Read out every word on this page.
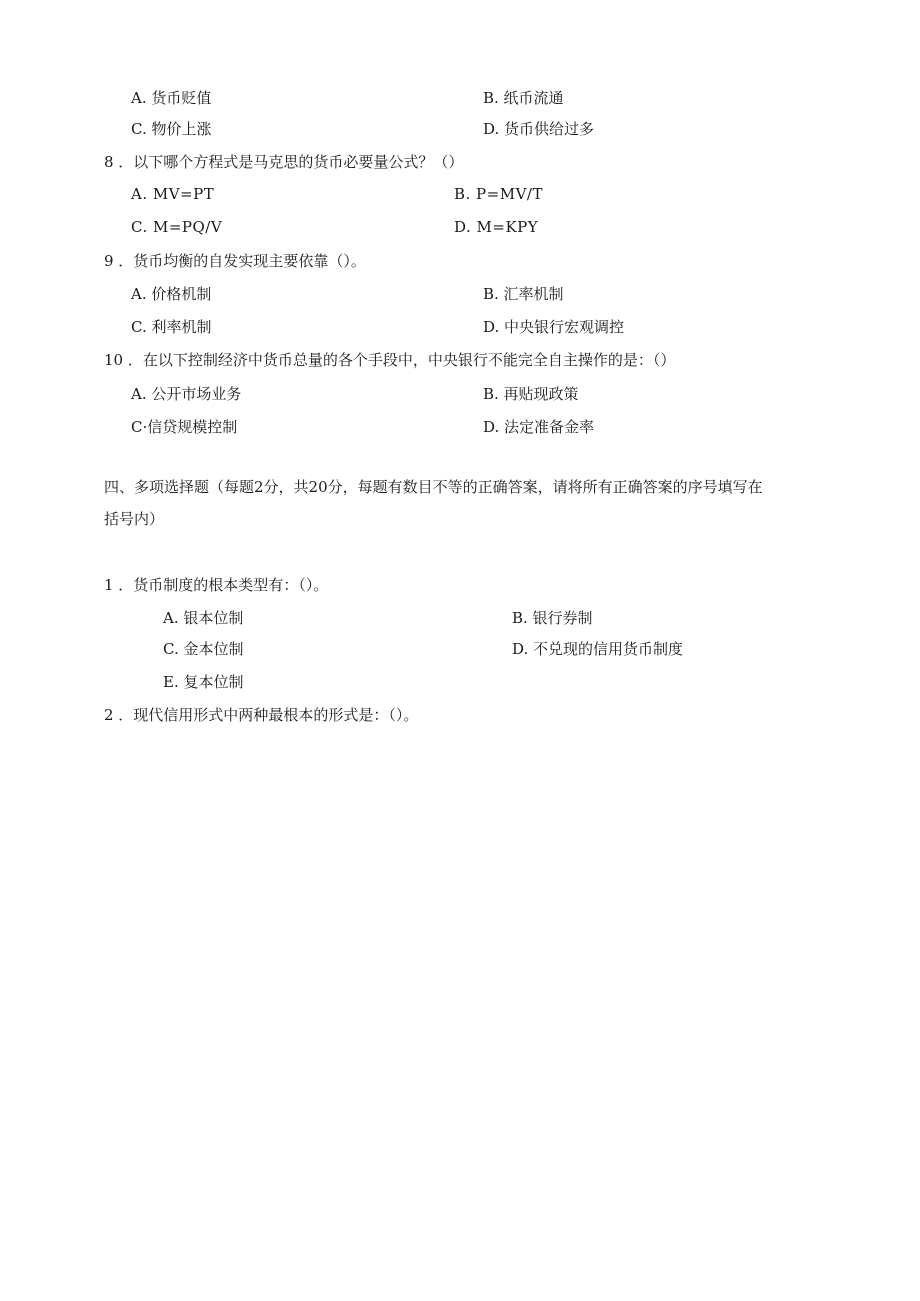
A. 货币贬值	B. 纸币流通
C. 物价上涨	D. 货币供给过多
8 ．以下哪个方程式是马克思的货币必要量公式？（）
A. MV=PT	B. P=MV/T
C. M=PQ/V	D. M=KPY
9 ．货币均衡的自发实现主要依靠（）。
A. 价格机制	B. 汇率机制
C. 利率机制	D. 中央银行宏观调控
10 ．在以下控制经济中货币总量的各个手段中，中央银行不能完全自主操作的是：（）
A. 公开市场业务	B. 再贴现政策
C·信贷规模控制	D. 法定准备金率
四、多项选择题（每题2分，共20分，每题有数目不等的正确答案，请将所有正确答案的序号填写在
括号内）
1 ．货币制度的根本类型有：（）。
A. 银本位制	B. 银行券制
C. 金本位制	D. 不兑现的信用货币制度
E. 复本位制
2 ．现代信用形式中两种最根本的形式是：（）。
